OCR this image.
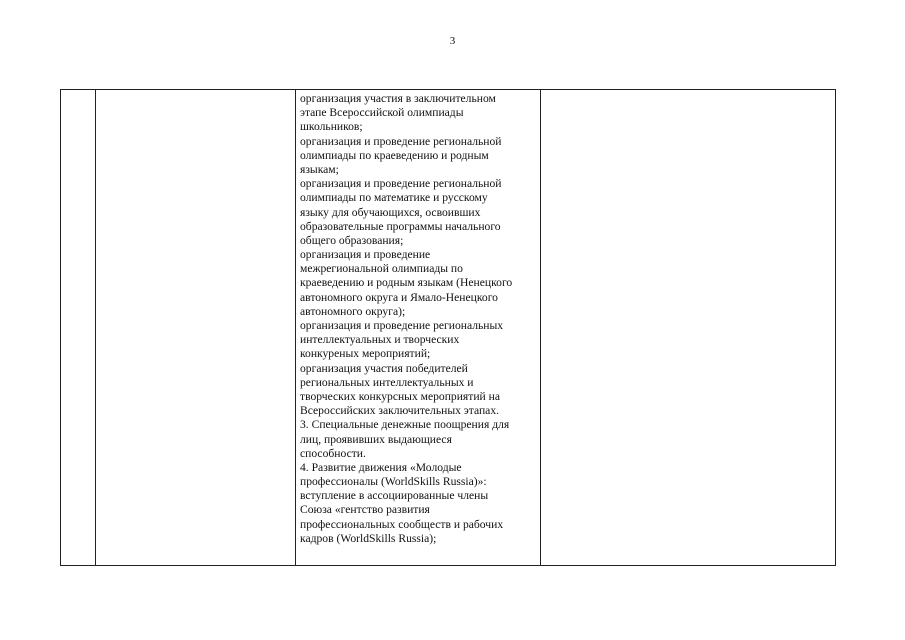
3

организация участия в заключительном
этапе Всероссийской олимпиады
школьников;
организация и проведение региональной
олимпиады по краеведению и родным
языкам;
организация и проведение региональной
олимпиады по математике и русскому
языку для обучающихся, освоивших
образовательные программы начального
общего образования;
организация и проведение
межрегиональной олимпиады по
краеведению и родным языкам (Ненецкого
автономного округа и Ямало-Ненецкого
автономного округа);
организация и проведение региональных
интеллектуальных и творческих
конкуреных мероприятий;
организация участия победителей
региональных интеллектуальных и
творческих конкурсных мероприятий на
Всероссийских заключительных этапах.
3. Специальные денежные поощрения для
лиц, проявивших выдающиеся
способности.
4. Развитие движения «Молодые
профессионалы (WorldSkills Russia)»:
вступление в ассоциированные члены
Союза «гентство развития
профессиональных сообществ и рабочих
кадров (WorldSkills Russia);
